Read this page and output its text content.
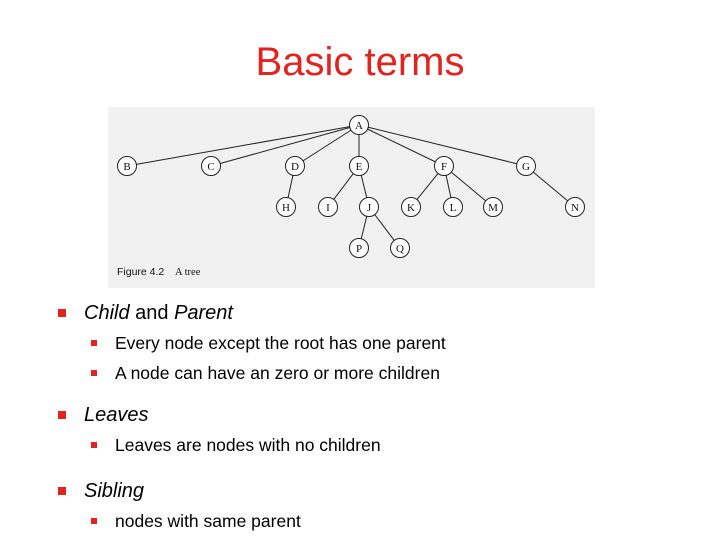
Basic terms
A
B	C	D	E	F	G
H	I	J	K	L	M	N
P	Q
Figure 4.2 A tree
Child and Parent
Every node except the root has one parent
A node can have an zero or more children
Leaves
Leaves are nodes with no children
Sibling
nodes with same parent
